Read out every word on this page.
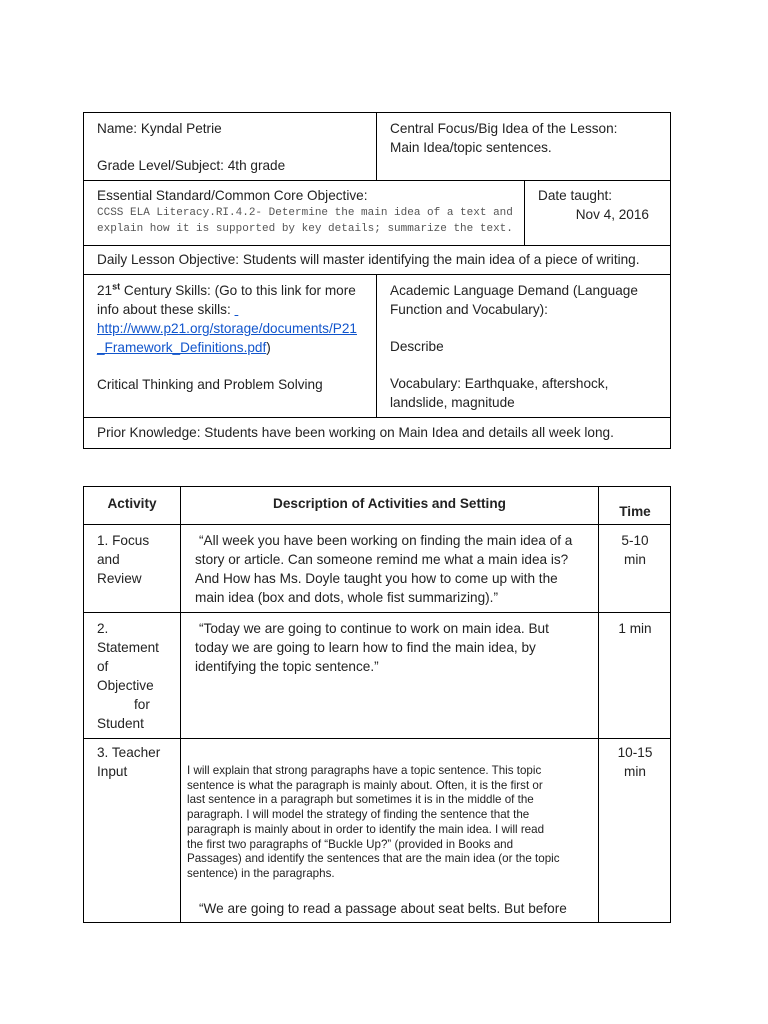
Name: Kyndal Petrie
Grade Level/Subject: 4th grade
Central Focus/Big Idea of the Lesson:
Main Idea/topic sentences.
Essential Standard/Common Core Objective:
CCSS ELA Literacy.RI.4.2- Determine the main idea of a text and
explain how it is supported by key details; summarize the text.
Date taught:
Nov 4, 2016
Daily Lesson Objective: Students will master identifying the main idea of a piece of writing.
21st Century Skills: (Go to this link for more
info about these skills:
http://www.p21.org/storage/documents/P21
_Framework_Definitions.pdf)
Critical Thinking and Problem Solving
Academic Language Demand (Language
Function and Vocabulary):
Describe
Vocabulary: Earthquake, aftershock,
landslide, magnitude
Prior Knowledge: Students have been working on Main Idea and details all week long.
Activity	Description of Activities and Setting
Time
1. Focus
and
Review
“All week you have been working on finding the main idea of a
story or article. Can someone remind me what a main idea is?
And How has Ms. Doyle taught you how to come up with the
main idea (box and dots, whole fist summarizing).”
5-10
min
2.
Statement
of
Objective
for
Student
“Today we are going to continue to work on main idea. But
today we are going to learn how to find the main idea, by
identifying the topic sentence.”
1 min
3. Teacher
Input	I will explain that strong paragraphs have a topic sentence. This topic
sentence is what the paragraph is mainly about. Often, it is the first or
last sentence in a paragraph but sometimes it is in the middle of the
paragraph. I will model the strategy of finding the sentence that the
paragraph is mainly about in order to identify the main idea. I will read
the first two paragraphs of “Buckle Up?” (provided in Books and
Passages) and identify the sentences that are the main idea (or the topic
sentence) in the paragraphs.
“We are going to read a passage about seat belts. But before
10-15
min
